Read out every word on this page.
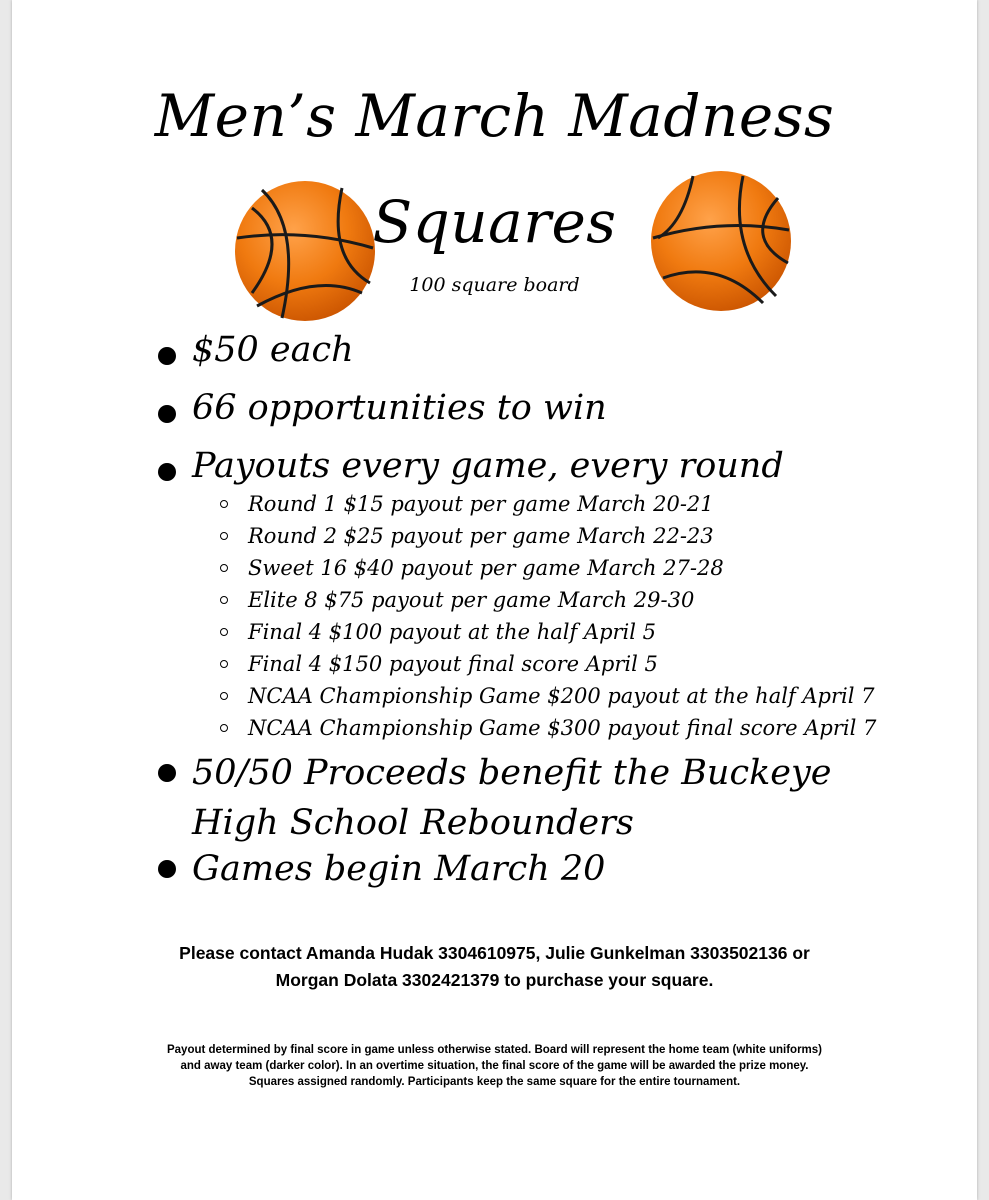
Men’s March Madness
Squares
100 square board
$50 each
66 opportunities to win
Payouts every game, every round
Round 1 $15 payout per game March 20-21
Round 2 $25 payout per game March 22-23
Sweet 16 $40 payout per game March 27-28
Elite 8 $75 payout per game March 29-30
Final 4 $100 payout at the half April 5
Final 4 $150 payout final score April 5
NCAA Championship Game $200 payout at the half April 7
NCAA Championship Game $300 payout final score April 7
50/50 Proceeds benefit the Buckeye High School Rebounders
Games begin March 20
Please contact Amanda Hudak 3304610975, Julie Gunkelman 3303502136 or
Morgan Dolata 3302421379 to purchase your square.
Payout determined by final score in game unless otherwise stated. Board will represent the home team (white uniforms)
and away team (darker color). In an overtime situation, the final score of the game will be awarded the prize money.
Squares assigned randomly. Participants keep the same square for the entire tournament.
